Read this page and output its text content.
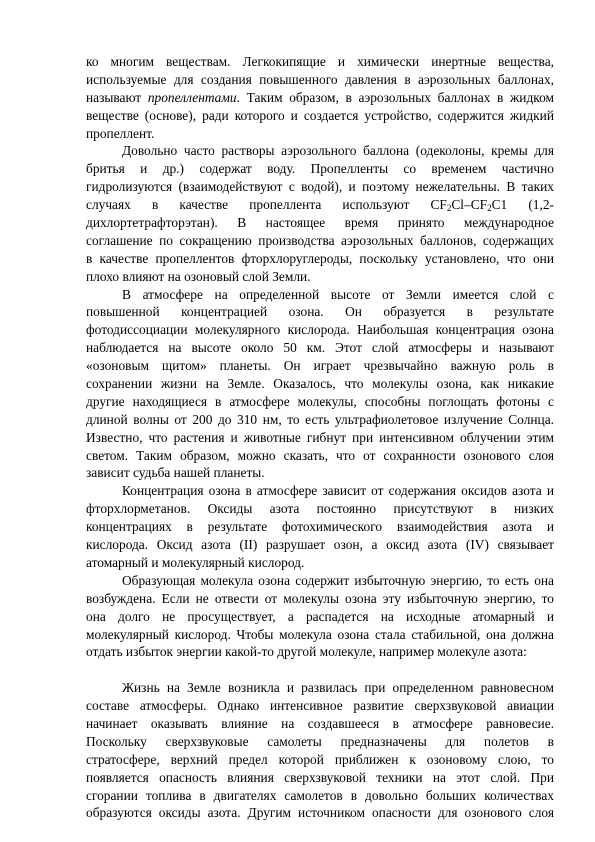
ко многим веществам. Легкокипящие и химически инертные вещества,
используемые для создания повышенного давления в аэрозольных баллонах,
называют пропеллентами. Таким образом, в аэрозольных баллонах в жидком
веществе (основе), ради которого и создается устройство, содержится жидкий
пропеллент.
Довольно часто растворы аэрозольного баллона (одеколоны, кремы для
бритья и др.) содержат воду. Пропелленты со временем частично
гидролизуются (взаимодействуют с водой), и поэтому нежелательны. В таких
случаях в качестве пропеллента используют $CF_2Cl-CF_2C1$ (1,2-
дихлортетрафторэтан). В настоящее время принято международное
соглашение по сокращению производства аэрозольных баллонов, содержащих
в качестве пропеллентов фторхлоруглероды, поскольку установлено, что они
плохо влияют на озоновый слой Земли.
В атмосфере на определенной высоте от Земли имеется слой с
повышенной концентрацией озона. Он образуется в результате
фотодиссоциации молекулярного кислорода. Наибольшая концентрация озона
наблюдается на высоте около 50 км. Этот слой атмосферы и называют
«озоновым щитом» планеты. Он играет чрезвычайно важную роль в
сохранении жизни на Земле. Оказалось, что молекулы озона, как никакие
другие находящиеся в атмосфере молекулы, способны поглощать фотоны с
длиной волны от 200 до 310 нм, то есть ультрафиолетовое излучение Солнца.
Известно, что растения и животные гибнут при интенсивном облучении этим
светом. Таким образом, можно сказать, что от сохранности озонового слоя
зависит судьба нашей планеты.
Концентрация озона в атмосфере зависит от содержания оксидов азота и
фторхлорметанов. Оксиды азота постоянно присутствуют в низких
концентрациях в результате фотохимического взаимодействия азота и
кислорода. Оксид азота (II) разрушает озон, а оксид азота (IV) связывает
атомарный и молекулярный кислород.
Образующая молекула озона содержит избыточную энергию, то есть она
возбуждена. Если не отвести от молекулы озона эту избыточную энергию, то
она долго не просуществует, а распадется на исходные атомарный и
молекулярный кислород. Чтобы молекула озона стала стабильной, она должна
отдать избыток энергии какой-то другой молекуле, например молекуле азота:
Жизнь на Земле возникла и развилась при определенном равновесном
составе атмосферы. Однако интенсивное развитие сверхзвуковой авиации
начинает оказывать влияние на создавшееся в атмосфере равновесие.
Поскольку сверхзвуковые самолеты предназначены для полетов в
стратосфере, верхний предел которой приближен к озоновому слою, то
появляется опасность влияния сверхзвуковой техники на этот слой. При
сгорании топлива в двигателях самолетов в довольно больших количествах
образуются оксиды азота. Другим источником опасности для озонового слоя
